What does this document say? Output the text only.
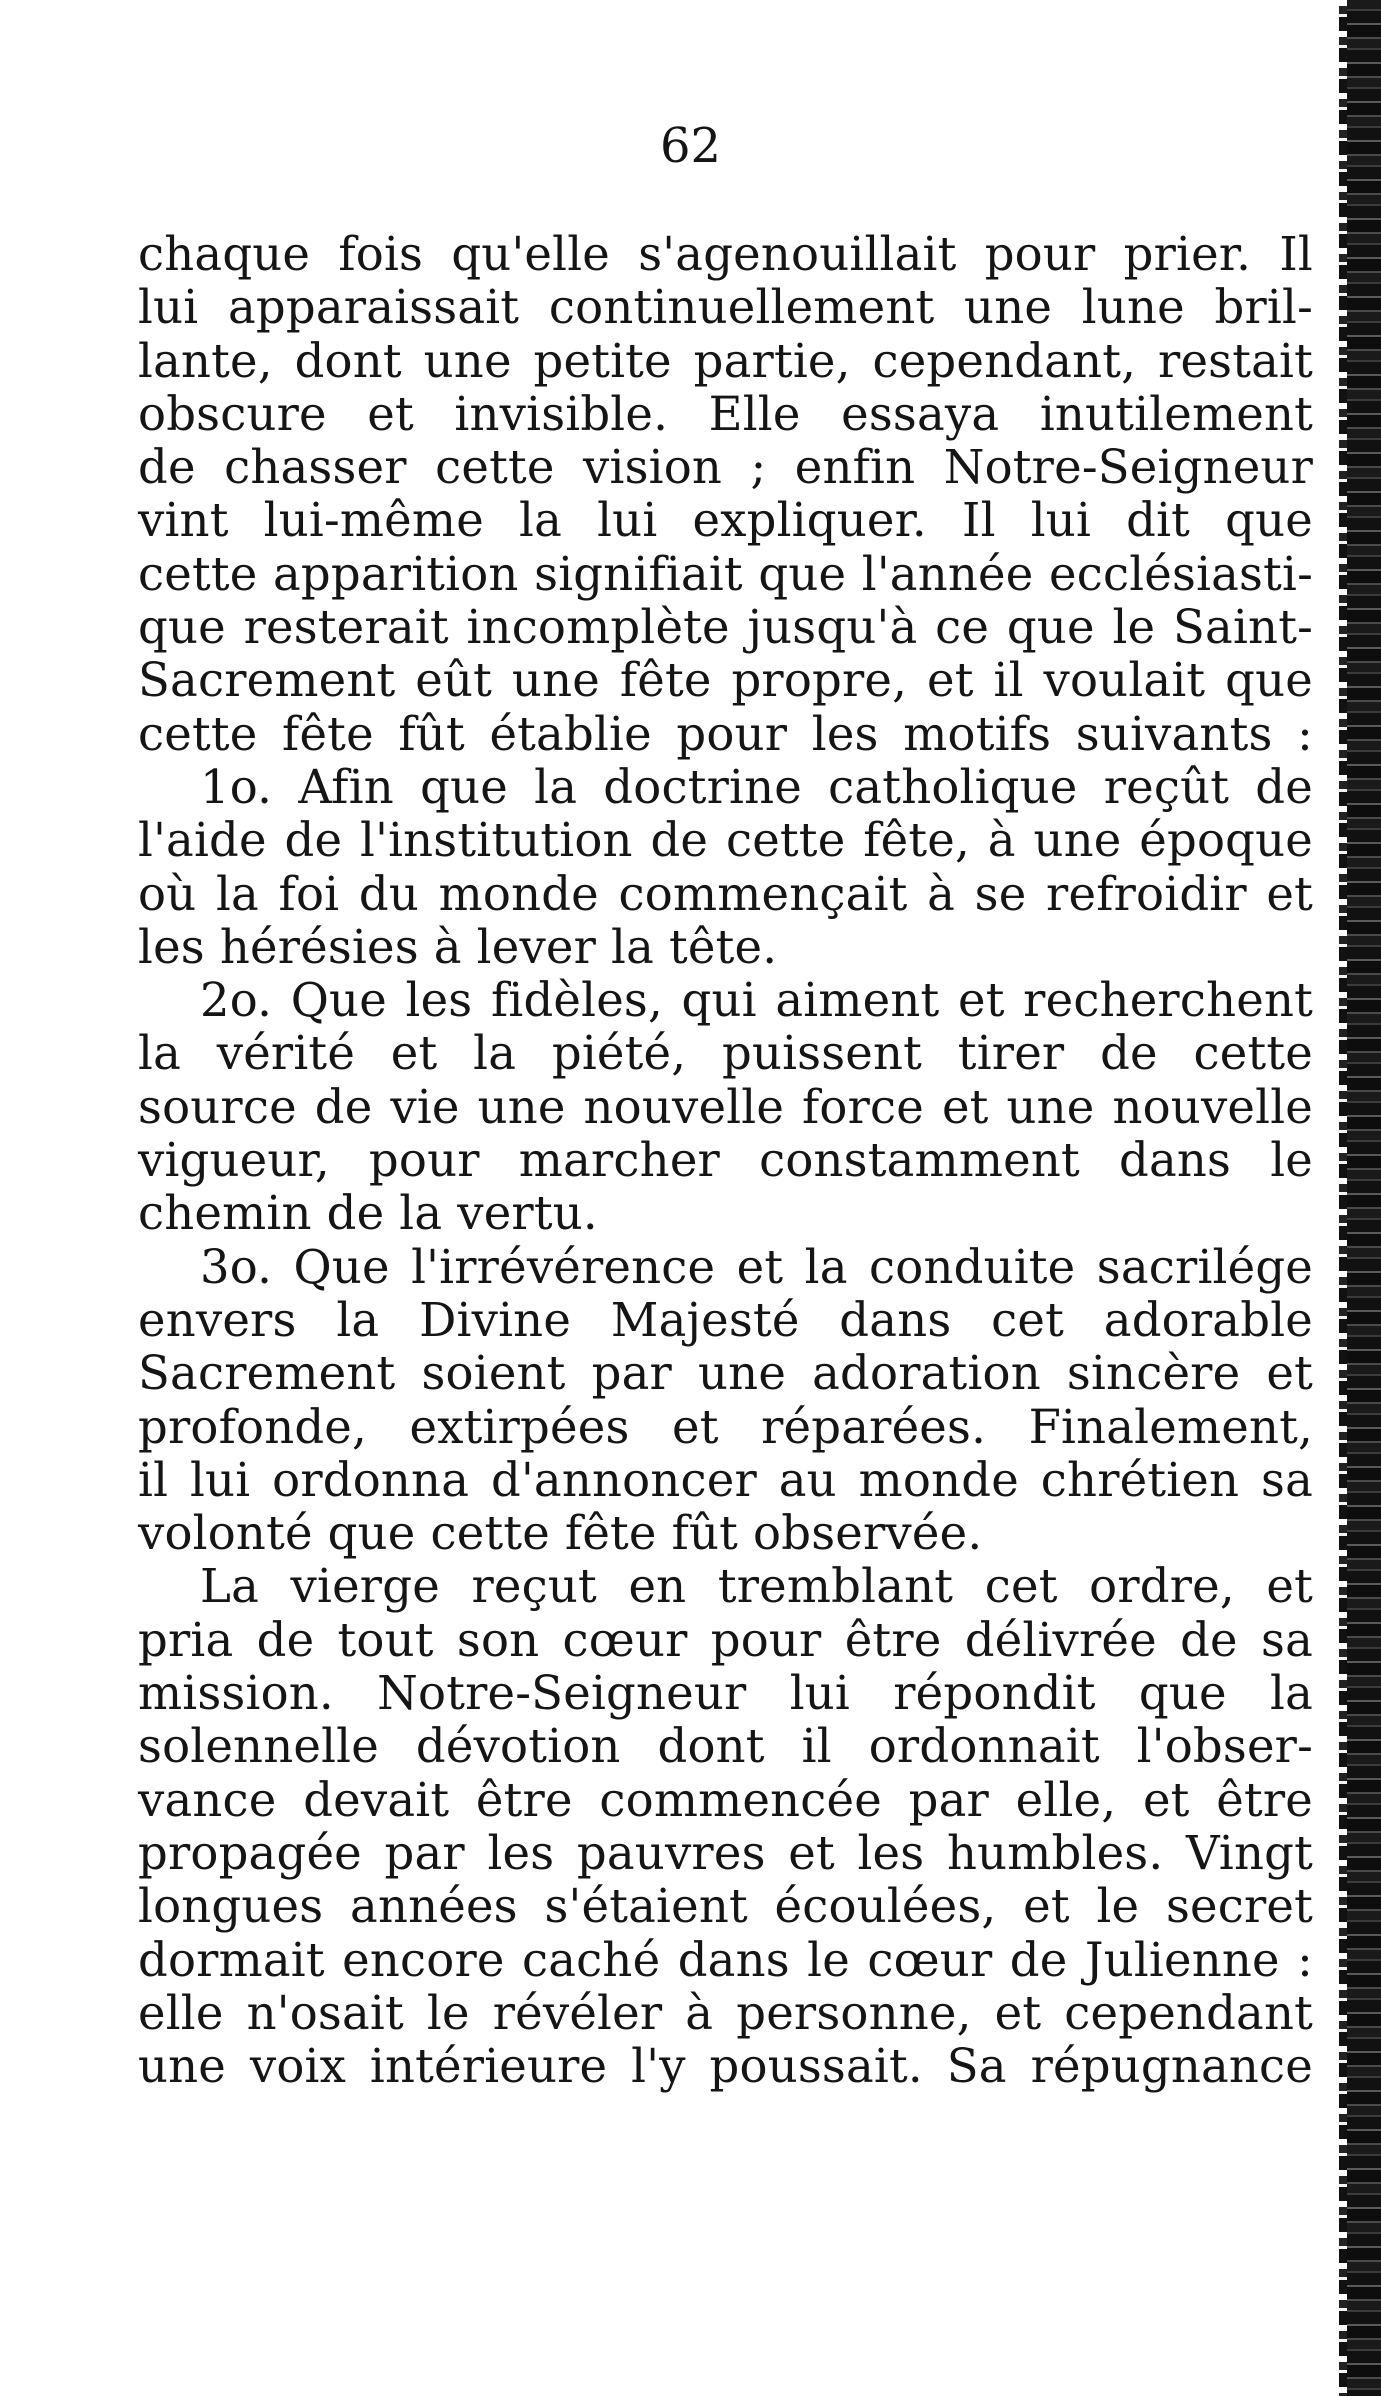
62
chaque fois qu'elle s'agenouillait pour prier. Il
lui apparaissait continuellement une lune bril-
lante, dont une petite partie, cependant, restait
obscure et invisible. Elle essaya inutilement
de chasser cette vision ; enfin Notre-Seigneur
vint lui-même la lui expliquer. Il lui dit que
cette apparition signifiait que l'année ecclésiasti-
que resterait incomplète jusqu'à ce que le Saint-
Sacrement eût une fête propre, et il voulait que
cette fête fût établie pour les motifs suivants :
1o. Afin que la doctrine catholique reçût de
l'aide de l'institution de cette fête, à une époque
où la foi du monde commençait à se refroidir et
les hérésies à lever la tête.
2o. Que les fidèles, qui aiment et recherchent
la vérité et la piété, puissent tirer de cette
source de vie une nouvelle force et une nouvelle
vigueur, pour marcher constamment dans le
chemin de la vertu.
3o. Que l'irrévérence et la conduite sacrilége
envers la Divine Majesté dans cet adorable
Sacrement soient par une adoration sincère et
profonde, extirpées et réparées. Finalement,
il lui ordonna d'annoncer au monde chrétien sa
volonté que cette fête fût observée.
La vierge reçut en tremblant cet ordre, et
pria de tout son cœur pour être délivrée de sa
mission. Notre-Seigneur lui répondit que la
solennelle dévotion dont il ordonnait l'obser-
vance devait être commencée par elle, et être
propagée par les pauvres et les humbles. Vingt
longues années s'étaient écoulées, et le secret
dormait encore caché dans le cœur de Julienne :
elle n'osait le révéler à personne, et cependant
une voix intérieure l'y poussait. Sa répugnance
